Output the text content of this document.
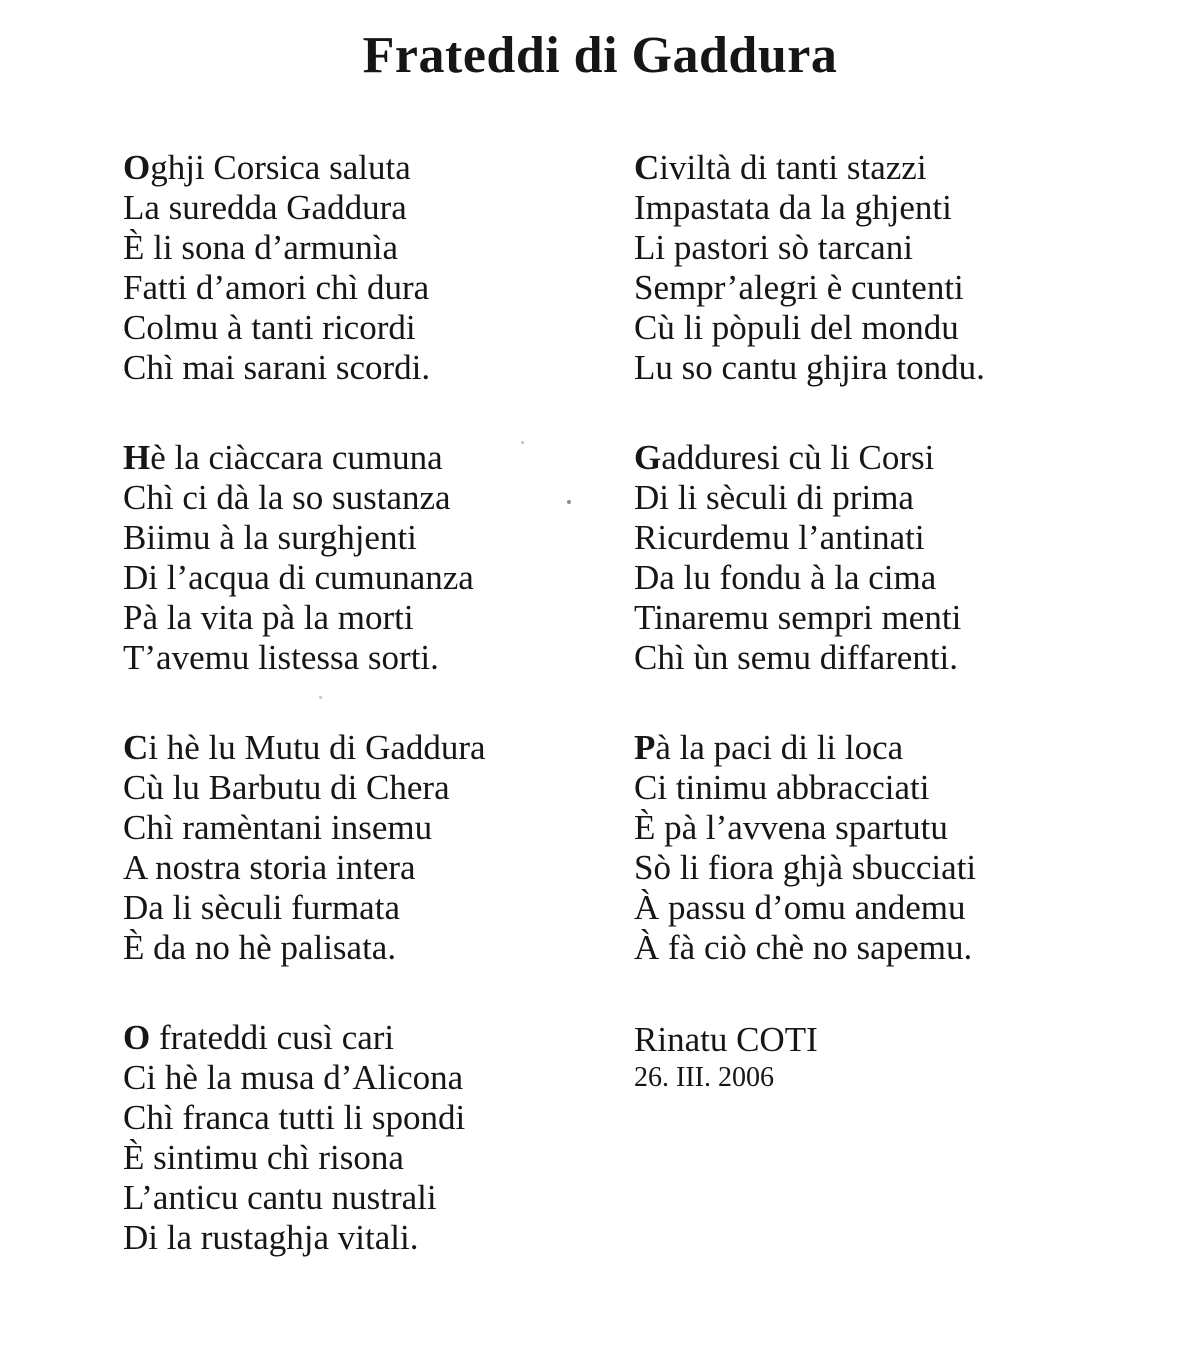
Frateddi di Gaddura
Oghji Corsica saluta
La suredda Gaddura
È li sona d’armunìa
Fatti d’amori chì dura
Colmu à tanti ricordi
Chì mai sarani scordi.
Hè la ciàccara cumuna
Chì ci dà la so sustanza
Biimu à la surghjenti
Di l’acqua di cumunanza
Pà la vita pà la morti
T’avemu listessa sorti.
Ci hè lu Mutu di Gaddura
Cù lu Barbutu di Chera
Chì ramèntani insemu
A nostra storia intera
Da li sèculi furmata
È da no hè palisata.
O frateddi cusì cari
Ci hè la musa d’Alicona
Chì franca tutti li spondi
È sintimu chì risona
L’anticu cantu nustrali
Di la rustaghja vitali.
Civiltà di tanti stazzi
Impastata da la ghjenti
Li pastori sò tarcani
Sempr’alegri è cuntenti
Cù li pòpuli del mondu
Lu so cantu ghjira tondu.
Gadduresi cù li Corsi
Di li sèculi di prima
Ricurdemu l’antinati
Da lu fondu à la cima
Tinaremu sempri menti
Chì ùn semu diffarenti.
Pà la paci di li loca
Ci tinimu abbracciati
È pà l’avvena spartutu
Sò li fiora ghjà sbucciati
À passu d’omu andemu
À fà ciò chè no sapemu.
Rinatu COTI
26. III. 2006
